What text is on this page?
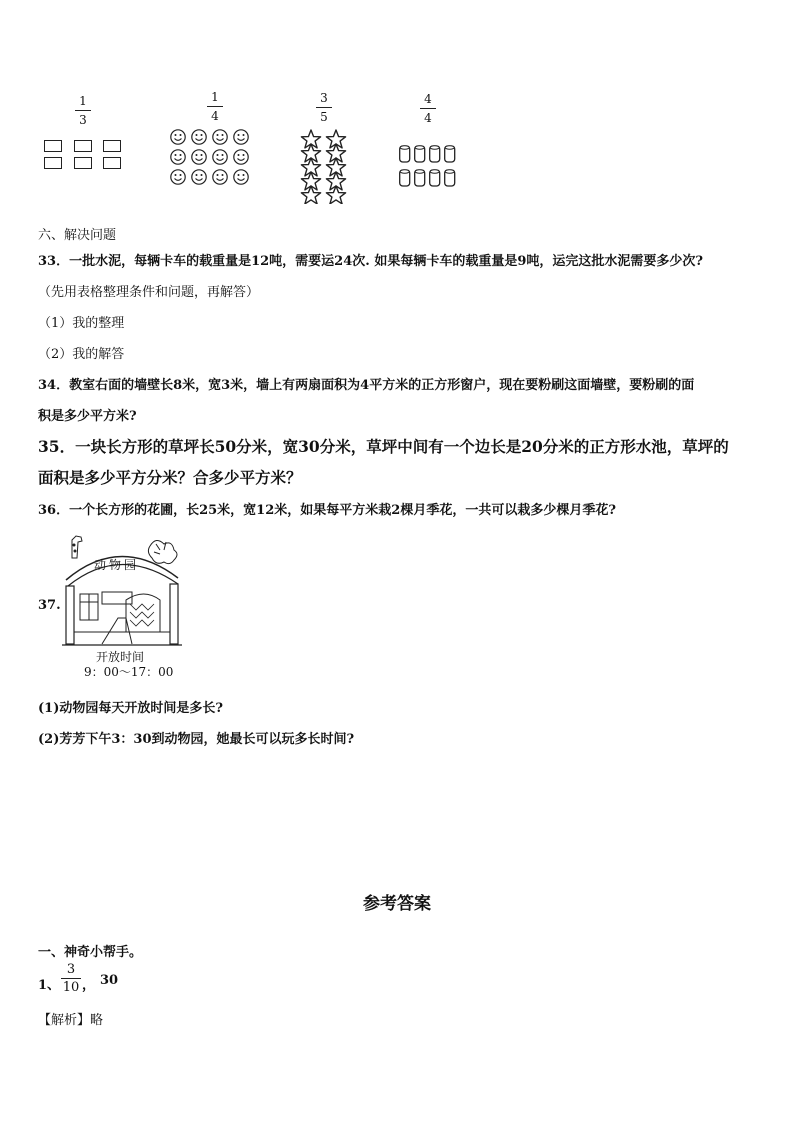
1
3
1
4
3
5
4
4
六、解决问题
33．一批水泥，每辆卡车的载重量是12吨，需要运24次. 如果每辆卡车的载重量是9吨，运完这批水泥需要多少次?
（先用表格整理条件和问题，再解答）
（1）我的整理
（2）我的解答
34．教室右面的墙壁长8米，宽3米，墙上有两扇面积为4平方米的正方形窗户，现在要粉刷这面墙壁，要粉刷的面
积是多少平方米?
35．一块长方形的草坪长50分米，宽30分米，草坪中间有一个边长是20分米的正方形水池，草坪的
面积是多少平方分米？合多少平方米？
36．一个长方形的花圃，长25米，宽12米，如果每平方米栽2棵月季花，一共可以栽多少棵月季花?
37.
动 物 园
开放时间
9：00～17：00
(1)动物园每天开放时间是多长?
(2)芳芳下午3：30到动物园，她最长可以玩多长时间?
参考答案
一、神奇小帮手。
1、
3
10 ， 30
【解析】略
